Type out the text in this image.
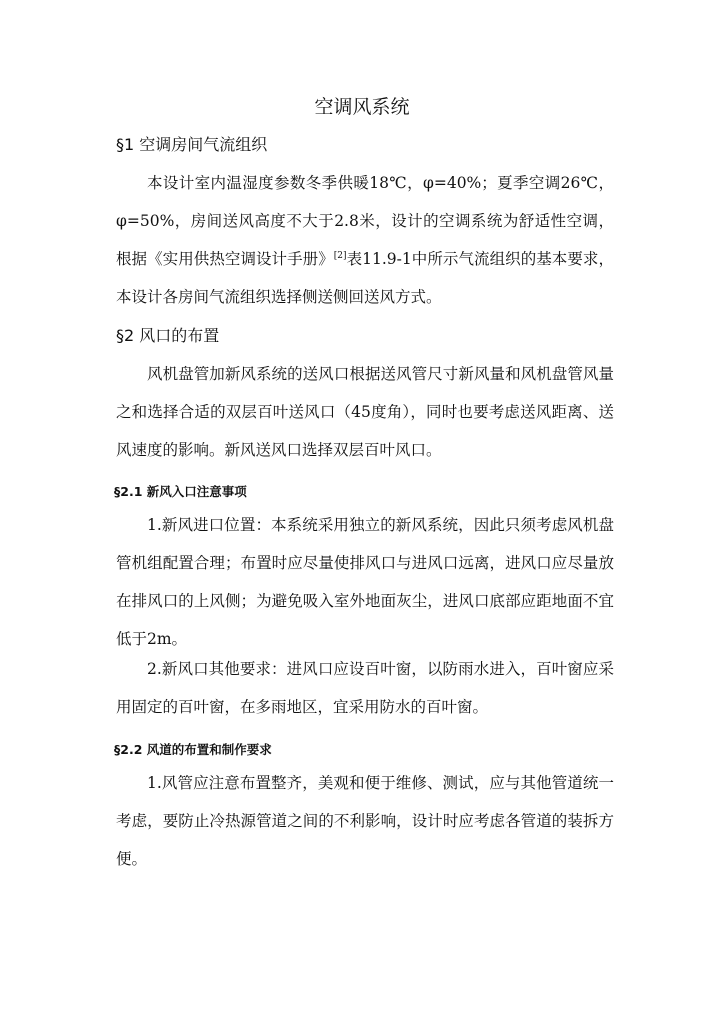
空调风系统
§1 空调房间气流组织

本设计室内温湿度参数冬季供暖18℃，φ=40%；夏季空调26℃，φ=50%，房间送风高度不大于2.8米，设计的空调系统为舒适性空调，根据《实用供热空调设计手册》[2]表11.9-1中所示气流组织的基本要求，本设计各房间气流组织选择侧送侧回送风方式。

§2 风口的布置

风机盘管加新风系统的送风口根据送风管尺寸新风量和风机盘管风量之和选择合适的双层百叶送风口（45度角），同时也要考虑送风距离、送风速度的影响。新风送风口选择双层百叶风口。

§2.1 新风入口注意事项

1.新风进口位置：本系统采用独立的新风系统，因此只须考虑风机盘管机组配置合理；布置时应尽量使排风口与进风口远离，进风口应尽量放在排风口的上风侧；为避免吸入室外地面灰尘，进风口底部应距地面不宜低于2m。

2.新风口其他要求：进风口应设百叶窗，以防雨水进入，百叶窗应采用固定的百叶窗，在多雨地区，宜采用防水的百叶窗。

§2.2 风道的布置和制作要求

1.风管应注意布置整齐，美观和便于维修、测试，应与其他管道统一考虑，要防止冷热源管道之间的不利影响，设计时应考虑各管道的装拆方便。
